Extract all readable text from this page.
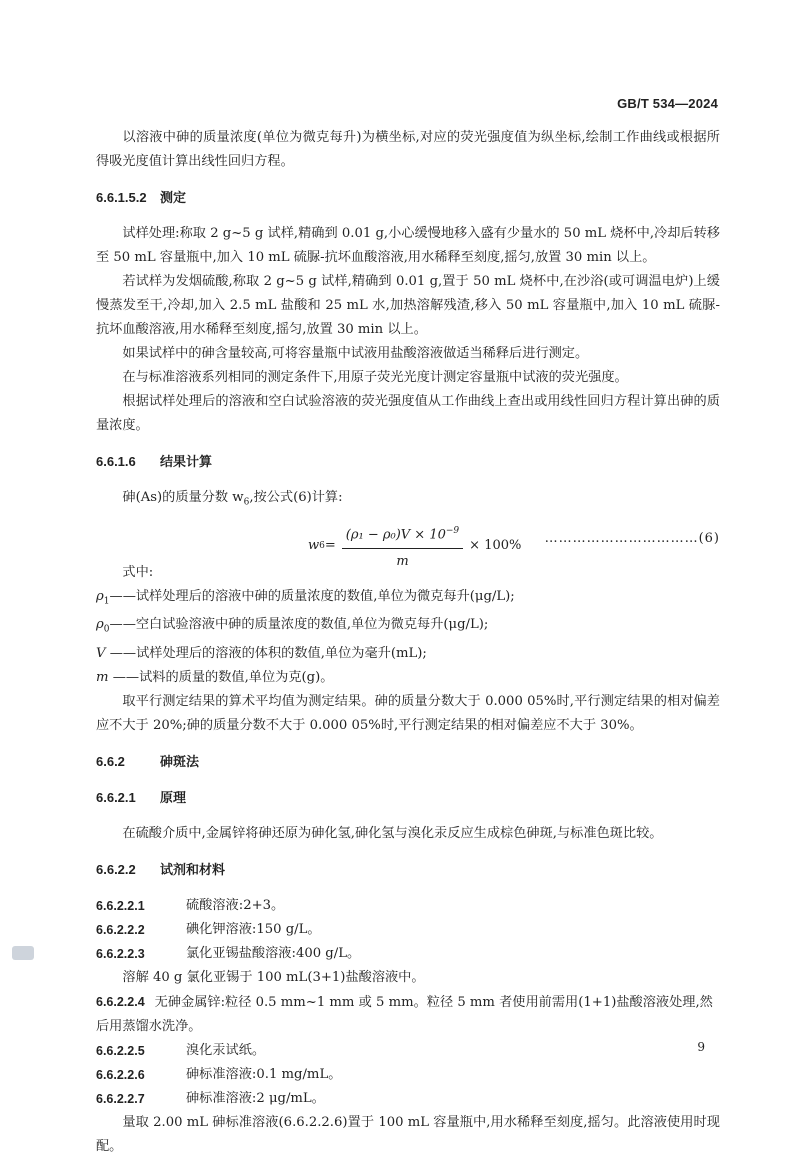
GB/T 534—2024

以溶液中砷的质量浓度(单位为微克每升)为横坐标,对应的荧光强度值为纵坐标,绘制工作曲线或根据所得吸光度值计算出线性回归方程。

6.6.1.5.2 测定

试样处理:称取 2 g~5 g 试样,精确到 0.01 g,小心缓慢地移入盛有少量水的 50 mL 烧杯中,冷却后转移至 50 mL 容量瓶中,加入 10 mL 硫脲-抗坏血酸溶液,用水稀释至刻度,摇匀,放置 30 min 以上。

若试样为发烟硫酸,称取 2 g~5 g 试样,精确到 0.01 g,置于 50 mL 烧杯中,在沙浴(或可调温电炉)上缓慢蒸发至干,冷却,加入 2.5 mL 盐酸和 25 mL 水,加热溶解残渣,移入 50 mL 容量瓶中,加入 10 mL 硫脲-抗坏血酸溶液,用水稀释至刻度,摇匀,放置 30 min 以上。

如果试样中的砷含量较高,可将容量瓶中试液用盐酸溶液做适当稀释后进行测定。

在与标准溶液系列相同的测定条件下,用原子荧光光度计测定容量瓶中试液的荧光强度。

根据试样处理后的溶液和空白试验溶液的荧光强度值从工作曲线上查出或用线性回归方程计算出砷的质量浓度。

6.6.1.6 结果计算

砷(As)的质量分数 $w_6$,按公式(6)计算:

w $6 = \frac{(\rho_1 - \rho_0)V \times 10^{-9}}{m} \times 100\%$
……………………………(6)

式中:

$\rho_1——$试样处理后的溶液中砷的质量浓度的数值,单位为微克每升(μg/L);

$\rho_0——$空白试验溶液中砷的质量浓度的数值,单位为微克每升(μg/L);

V ——试样处理后的溶液的体积的数值,单位为毫升(mL);

m ——试料的质量的数值,单位为克(g)。

取平行测定结果的算术平均值为测定结果。砷的质量分数大于 0.000 05%时,平行测定结果的相对偏差应不大于 20%;砷的质量分数不大于 0.000 05%时,平行测定结果的相对偏差应不大于 30%。

6.6.2	砷斑法
6.6.2.1 原理

在硫酸介质中,金属锌将砷还原为砷化氢,砷化氢与溴化汞反应生成棕色砷斑,与标准色斑比较。

6.6.2.2 试剂和材料
6.6.2.2.1	硫酸溶液:2+3。
6.6.2.2.2	碘化钾溶液:150 g/L。
6.6.2.2.3	氯化亚锡盐酸溶液:400 g/L。

溶解 40 g 氯化亚锡于 100 mL(3+1)盐酸溶液中。

6.6.2.2.4 无砷金属锌:粒径 0.5 mm~1 mm 或 5 mm。粒径 5 mm 者使用前需用(1+1)盐酸溶液处理,然后用蒸馏水洗净。
6.6.2.2.5	溴化汞试纸。
6.6.2.2.6	砷标准溶液:0.1 mg/mL。
6.6.2.2.7	砷标准溶液:2 μg/mL。

量取 2.00 mL 砷标准溶液(6.6.2.2.6)置于 100 mL 容量瓶中,用水稀释至刻度,摇匀。此溶液使用时现配。

9
